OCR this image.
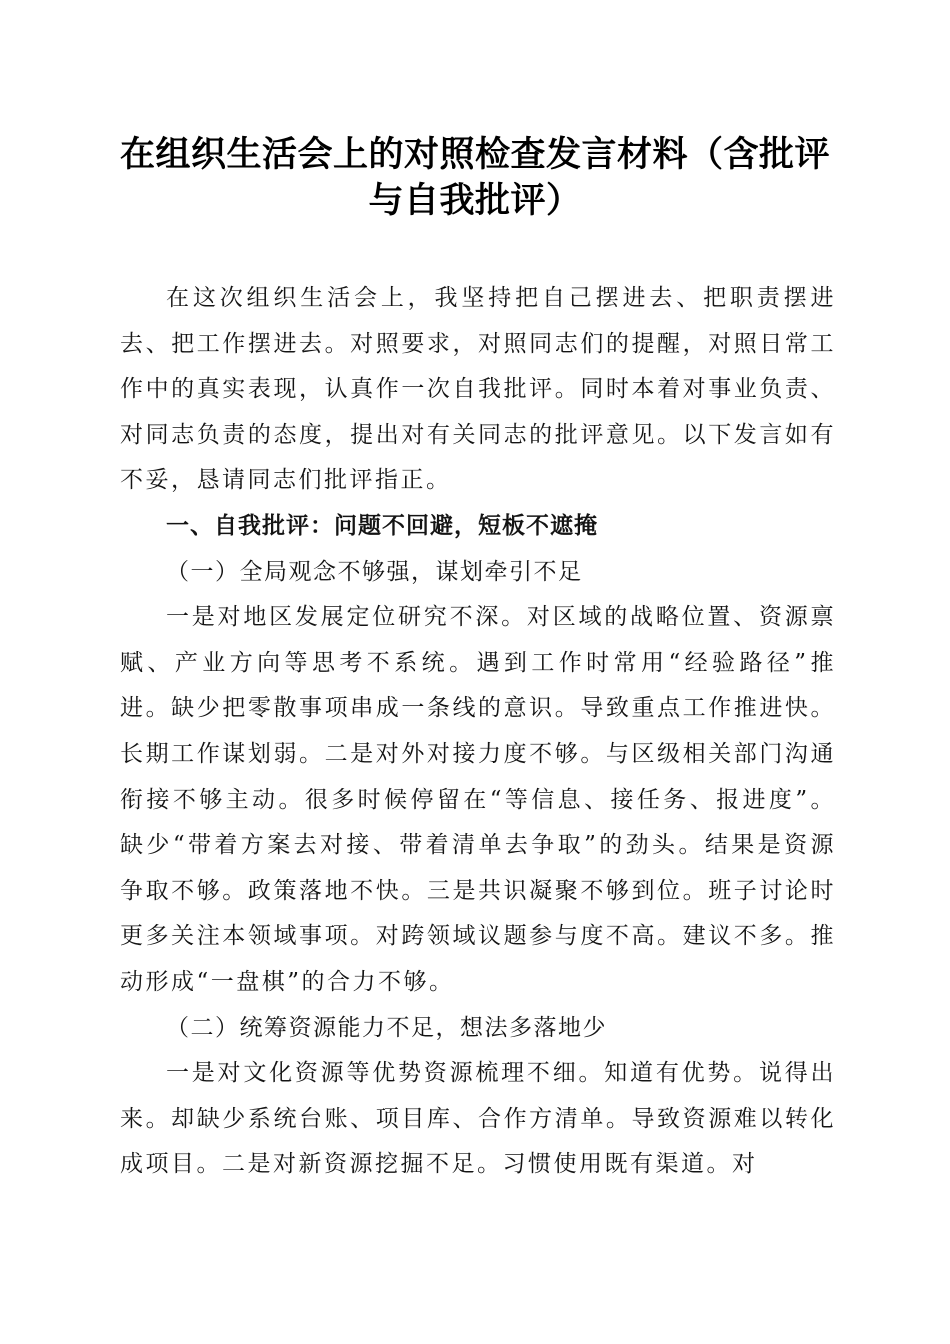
在组织生活会上的对照检查发言材料（含批评
与自我批评）

在这次组织生活会上，我坚持把自己摆进去、把职责摆进去、把工作摆进去。对照要求，对照同志们的提醒，对照日常工作中的真实表现，认真作一次自我批评。同时本着对事业负责、对同志负责的态度，提出对有关同志的批评意见。以下发言如有不妥，恳请同志们批评指正。

一、自我批评：问题不回避，短板不遮掩

（一）全局观念不够强，谋划牵引不足

一是对地区发展定位研究不深。对区域的战略位置、资源禀赋、产业方向等思考不系统。遇到工作时常用“经验路径”推进。缺少把零散事项串成一条线的意识。导致重点工作推进快。长期工作谋划弱。二是对外对接力度不够。与区级相关部门沟通衔接不够主动。很多时候停留在“等信息、接任务、报进度”。缺少“带着方案去对接、带着清单去争取”的劲头。结果是资源争取不够。政策落地不快。三是共识凝聚不够到位。班子讨论时更多关注本领域事项。对跨领域议题参与度不高。建议不多。推动形成“一盘棋”的合力不够。

（二）统筹资源能力不足，想法多落地少

一是对文化资源等优势资源梳理不细。知道有优势。说得出来。却缺少系统台账、项目库、合作方清单。导致资源难以转化成项目。二是对新资源挖掘不足。习惯使用既有渠道。对
